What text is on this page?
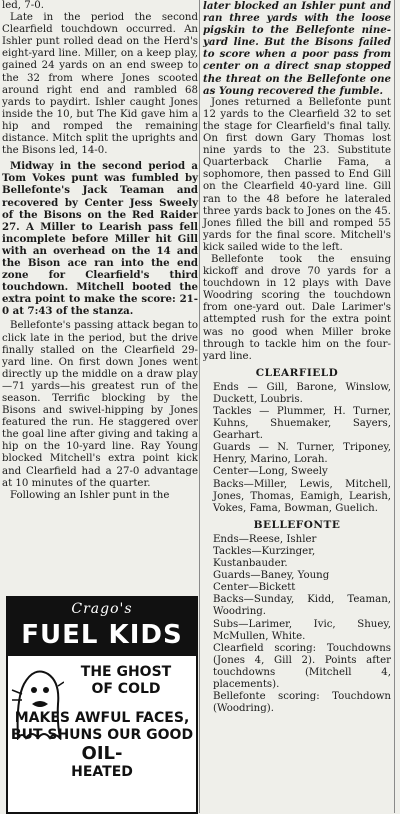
led, 7-0.

Late in the period the second Clearfield touchdown occurred. An Ishler punt rolled dead on the Herd's eight-yard line. Miller, on a keep play, gained 24 yards on an end sweep to the 32 from where Jones scooted around right end and rambled 68 yards to paydirt. Ishler caught Jones inside the 10, but The Kid gave him a hip and romped the remaining distance. Mitch split the uprights and the Bisons led, 14-0.

Midway in the second period a Tom Vokes punt was fumbled by Bellefonte's Jack Teaman and recovered by Center Jess Sweely of the Bisons on the Red Raider 27. A Miller to Learish pass fell incomplete before Miller hit Gill with an overhead on the 14 and the Bison ace ran into the end zone for Clearfield's third touchdown. Mitchell booted the extra point to make the score: 21-0 at 7:43 of the stanza.

Bellefonte's passing attack began to click late in the period, but the drive finally stalled on the Clearfield 29-yard line. On first down Jones went directly up the middle on a draw play—71 yards—his greatest run of the season. Terrific blocking by the Bisons and swivel-hipping by Jones featured the run. He staggered over the goal line after giving and taking a hip on the 10-yard line. Ray Young blocked Mitchell's extra point kick and Clearfield had a 27-0 advantage at 10 minutes of the quarter.

Following an Ishler punt in the

later blocked an Ishler punt and ran three yards with the loose pigskin to the Bellefonte nine-yard line. But the Bisons failed to score when a poor pass from center on a direct snap stopped the threat on the Bellefonte one as Young recovered the fumble.

Jones returned a Bellefonte punt 12 yards to the Clearfield 32 to set the stage for Clearfield's final tally. On first down Gary Thomas lost nine yards to the 23. Substitute Quarterback Charlie Fama, a sophomore, then passed to End Gill on the Clearfield 40-yard line. Gill ran to the 48 before he lateraled three yards back to Jones on the 45. Jones filled the bill and romped 55 yards for the final score. Mitchell's kick sailed wide to the left.

Bellefonte took the ensuing kickoff and drove 70 yards for a touchdown in 12 plays with Dave Woodring scoring the touchdown from one-yard out. Dale Larimer's attempted rush for the extra point was no good when Miller broke through to tackle him on the four-yard line.

CLEARFIELD

Ends — Gill, Barone, Winslow, Duckett, Loubris.

Tackles — Plummer, H. Turner, Kuhns, Shuemaker, Sayers, Gearhart.

Guards — N. Turner, Triponey, Henry, Marino, Lorah.

Center—Long, Sweely

Backs—Miller, Lewis, Mitchell, Jones, Thomas, Eamigh, Learish, Vokes, Fama, Bowman, Guelich.

BELLEFONTE

Ends—Reese, Ishler

Tackles—Kurzinger, Kustanbauder.

Guards—Baney, Young

Center—Bickett

Backs—Sunday, Kidd, Teaman, Woodring.

Subs—Larimer, Ivic, Shuey, McMullen, White.

Clearfield scoring: Touchdowns (Jones 4, Gill 2). Points after touchdowns (Mitchell 4, placements).

Bellefonte scoring: Touchdown (Woodring).

Crago's
FUEL KIDS
THE GHOST
OF COLD
MAKES AWFUL FACES,
BUT SHUNS OUR GOOD
OIL-
HEATED
